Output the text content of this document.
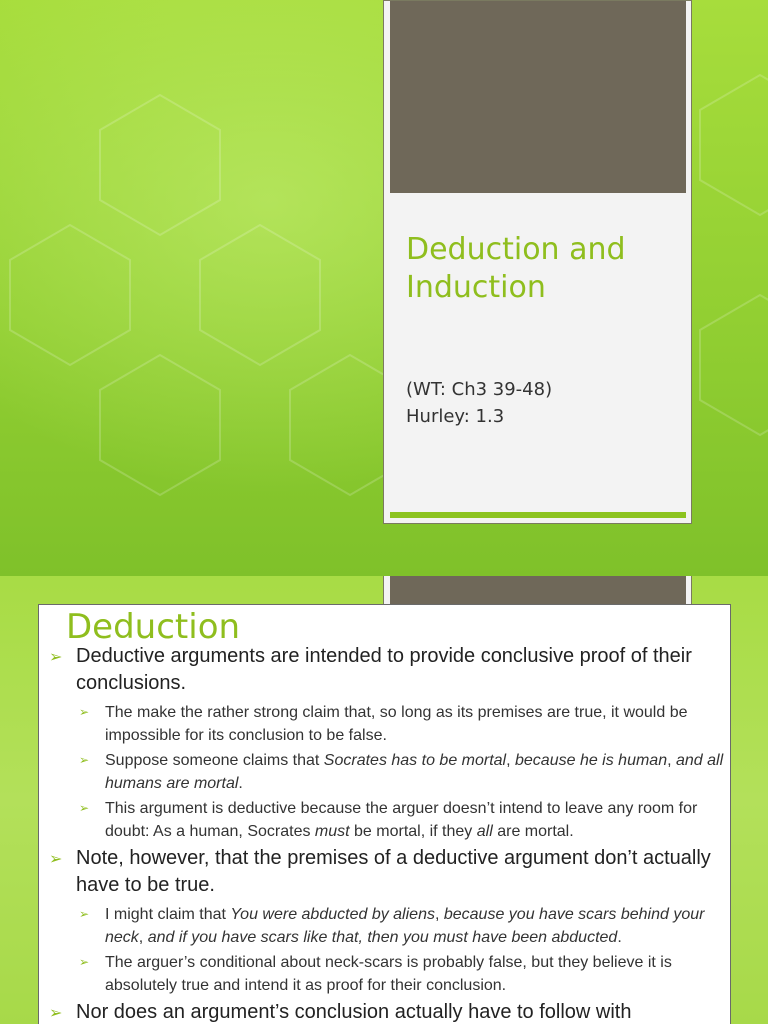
Deduction and Induction
(WT: Ch3 39-48)
Hurley: 1.3
Deduction
➢ Deductive arguments are intended to provide conclusive proof of their conclusions.
➢ The make the rather strong claim that, so long as its premises are true, it would be impossible for its conclusion to be false.
➢ Suppose someone claims that Socrates has to be mortal, because he is human, and all humans are mortal.
➢ This argument is deductive because the arguer doesn’t intend to leave any room for doubt: As a human, Socrates must be mortal, if they all are mortal.
➢ Note, however, that the premises of a deductive argument don’t actually have to be true.
➢ I might claim that You were abducted by aliens, because you have scars behind your neck, and if you have scars like that, then you must have been abducted.
➢ The arguer’s conditional about neck-scars is probably false, but they believe it is absolutely true and intend it as proof for their conclusion.
➢ Nor does an argument’s conclusion actually have to follow with
